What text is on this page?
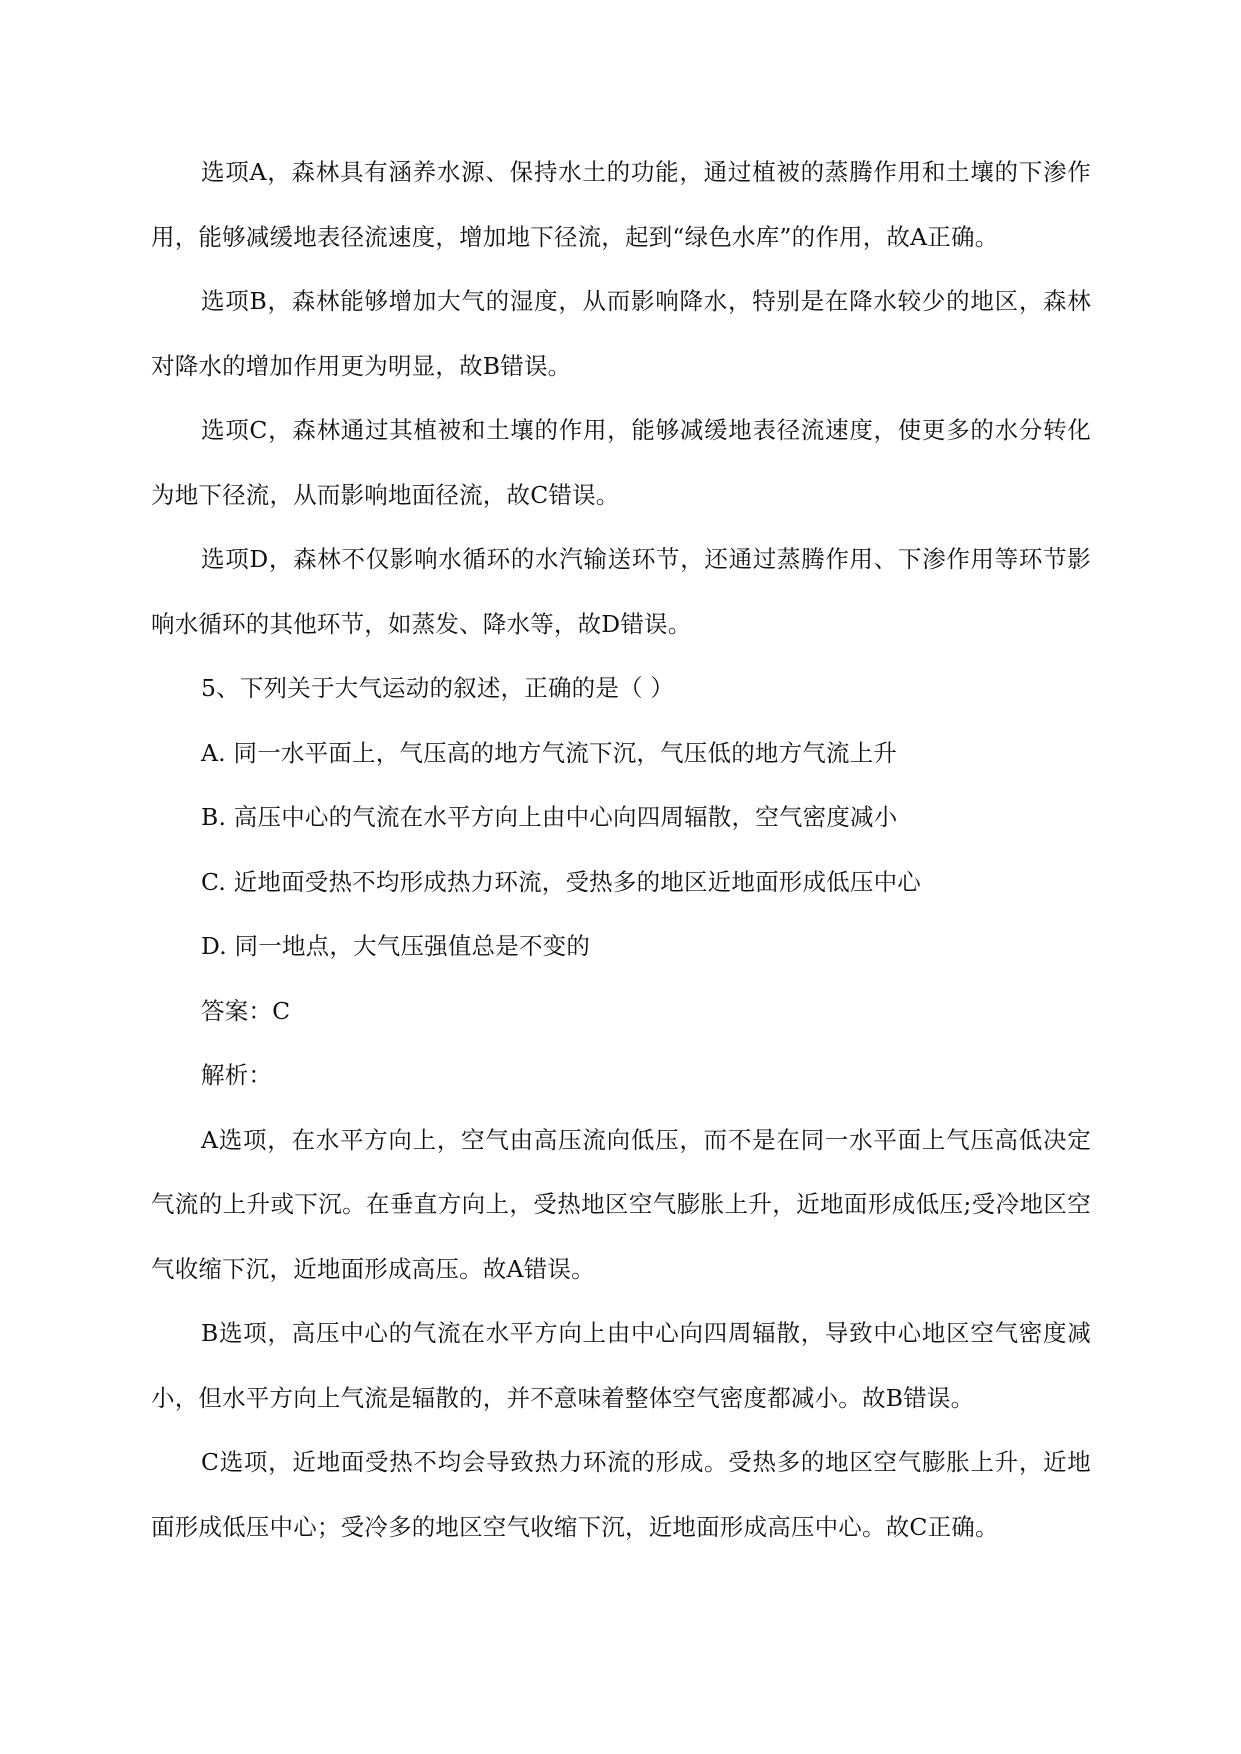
选项A，森林具有涵养水源、保持水土的功能，通过植被的蒸腾作用和土壤的下渗作用，能够减缓地表径流速度，增加地下径流，起到“绿色水库”的作用，故A正确。

选项B，森林能够增加大气的湿度，从而影响降水，特别是在降水较少的地区，森林对降水的增加作用更为明显，故B错误。

选项C，森林通过其植被和土壤的作用，能够减缓地表径流速度，使更多的水分转化为地下径流，从而影响地面径流，故C错误。

选项D，森林不仅影响水循环的水汽输送环节，还通过蒸腾作用、下渗作用等环节影响水循环的其他环节，如蒸发、降水等，故D错误。

5、下列关于大气运动的叙述，正确的是（ ）

A. 同一水平面上，气压高的地方气流下沉，气压低的地方气流上升

B. 高压中心的气流在水平方向上由中心向四周辐散，空气密度减小

C. 近地面受热不均形成热力环流，受热多的地区近地面形成低压中心

D. 同一地点，大气压强值总是不变的

答案：C

解析：

A选项，在水平方向上，空气由高压流向低压，而不是在同一水平面上气压高低决定气流的上升或下沉。在垂直方向上，受热地区空气膨胀上升，近地面形成低压;受冷地区空气收缩下沉，近地面形成高压。故A错误。

B选项，高压中心的气流在水平方向上由中心向四周辐散，导致中心地区空气密度减小，但水平方向上气流是辐散的，并不意味着整体空气密度都减小。故B错误。

C选项，近地面受热不均会导致热力环流的形成。受热多的地区空气膨胀上升，近地面形成低压中心；受冷多的地区空气收缩下沉，近地面形成高压中心。故C正确。
